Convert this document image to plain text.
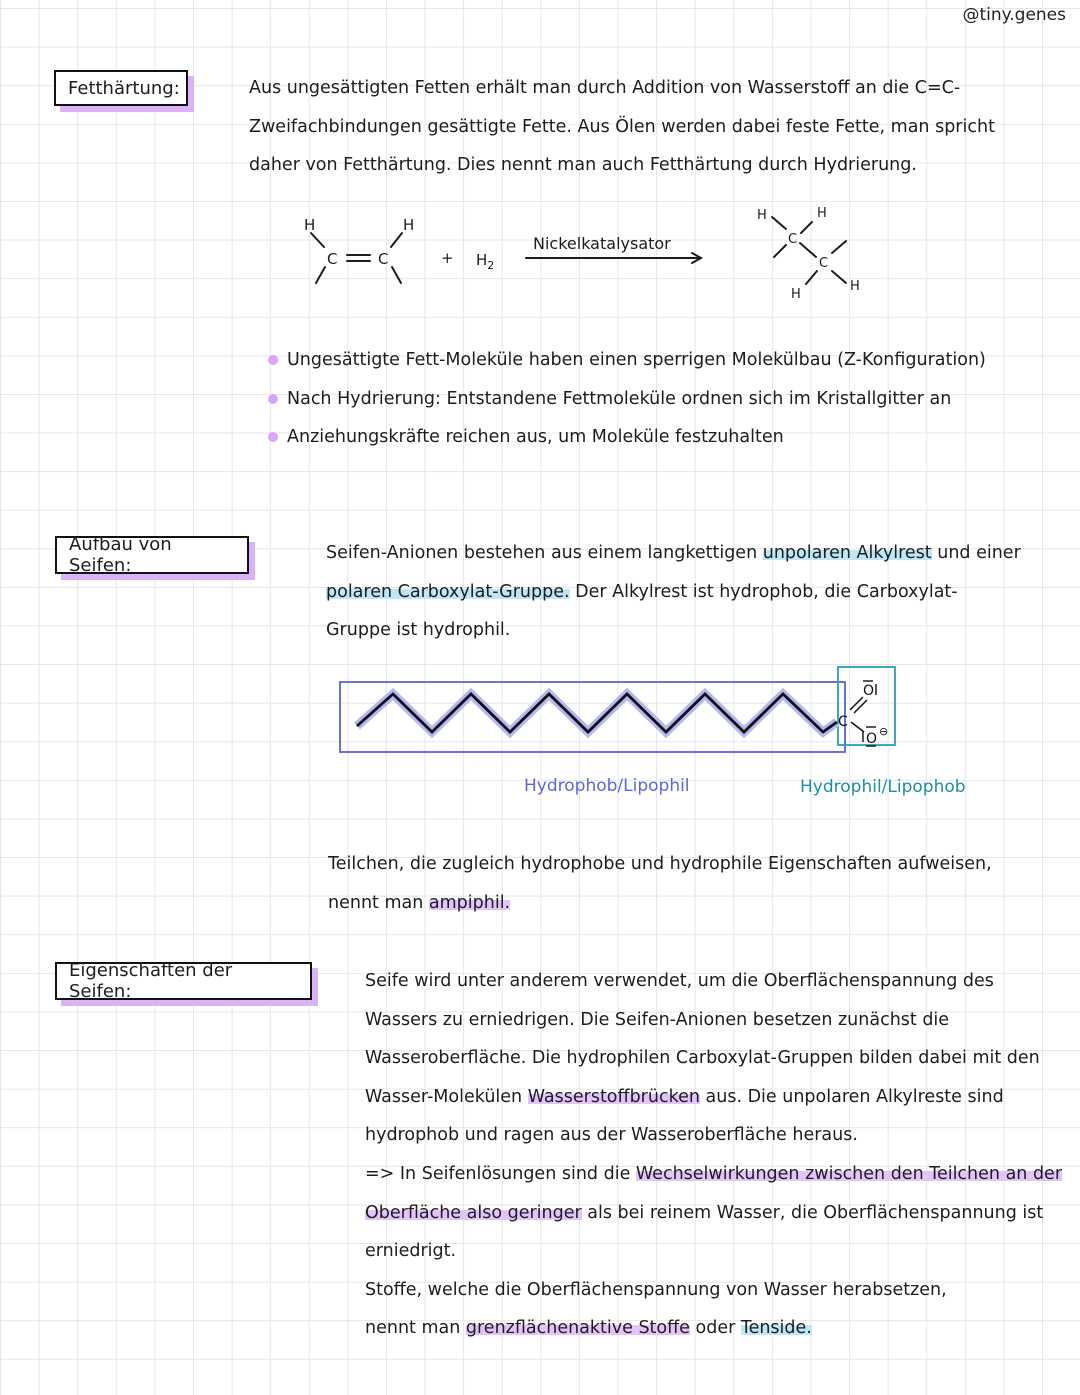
@tiny.genes
Fetthärtung:	Aus ungesättigten Fetten erhält man durch Addition von Wasserstoff an die C=C-

Zweifachbindungen gesättigte Fette. Aus Ölen werden dabei feste Fette, man spricht

daher von Fetthärtung. Dies nennt man auch Fetthärtung durch Hydrierung.

H
C	C
H
+ $H_2$
Nickelkatalysator
H	H
C
C
H
H
Ungesättigte Fett-Moleküle haben einen sperrigen Molekülbau (Z-Konfiguration)
Nach Hydrierung: Entstandene Fettmoleküle ordnen sich im Kristallgitter an
Anziehungskräfte reichen aus, um Moleküle festzuhalten
Aufbau von Seifen:

Seifen-Anionen bestehen aus einem langkettigen unpolaren Alkylrest und einer

polaren Carboxylat-Gruppe. Der Alkylrest ist hydrophob, die Carboxylat-

Gruppe ist hydrophil.

C
O
O ⊖
Hydrophob/Lipophil	Hydrophil/Lipophob

Teilchen, die zugleich hydrophobe und hydrophile Eigenschaften aufweisen,

nennt man ampiphil.

Eigenschaften der Seifen:	Seife wird unter anderem verwendet, um die Oberflächenspannung des

Wassers zu erniedrigen. Die Seifen-Anionen besetzen zunächst die

Wasseroberfläche. Die hydrophilen Carboxylat-Gruppen bilden dabei mit den

Wasser-Molekülen Wasserstoffbrücken aus. Die unpolaren Alkylreste sind

hydrophob und ragen aus der Wasseroberfläche heraus.

=> In Seifenlösungen sind die Wechselwirkungen zwischen den Teilchen an der

Oberfläche also geringer als bei reinem Wasser, die Oberflächenspannung ist

erniedrigt.

Stoffe, welche die Oberflächenspannung von Wasser herabsetzen,

nennt man grenzflächenaktive Stoffe oder Tenside.
